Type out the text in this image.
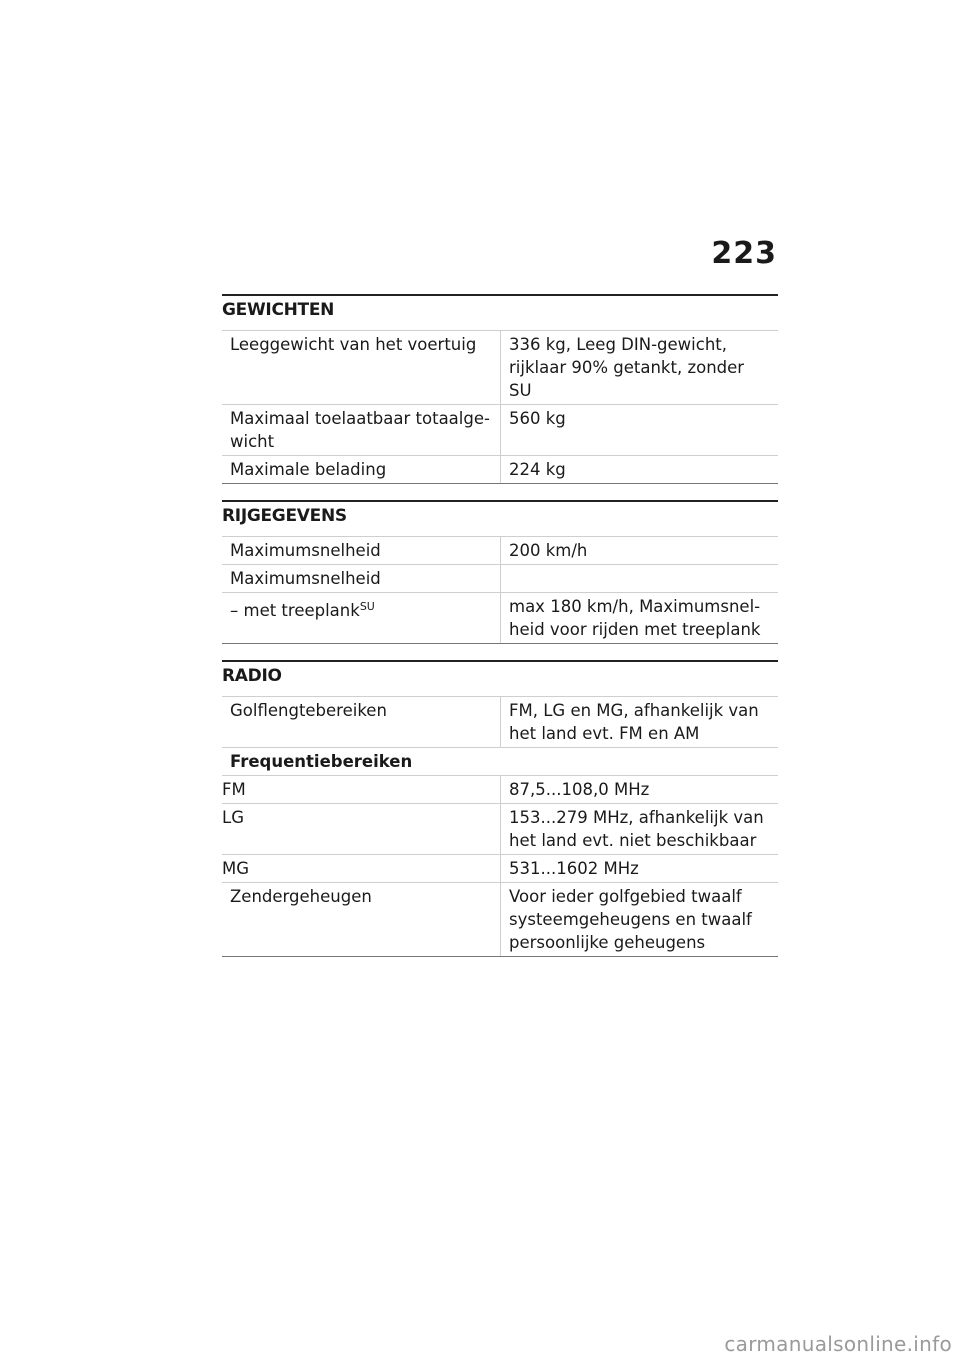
223
GEWICHTEN
Leeggewicht van het voertuig	336 kg, Leeg DIN-gewicht, rijklaar 90% getankt, zonder SU
Maximaal toelaatbaar totaalge-wicht	560 kg
Maximale belading	224 kg
RIJGEGEVENS
Maximumsnelheid	200 km/h
Maximumsnelheid	
– met treeplank$^{SU}$	max 180 km/h, Maximumsnel-heid voor rijden met treeplank
RADIO
Golflengtebereiken	FM, LG en MG, afhankelijk van het land evt. FM en AM
Frequentiebereiken	
FM	87,5...108,0 MHz
LG	153...279 MHz, afhankelijk van het land evt. niet beschikbaar
MG	531...1602 MHz
Zendergeheugen	Voor ieder golfgebied twaalf systeemgeheugens en twaalf persoonlijke geheugens
carmanualsonline.info
